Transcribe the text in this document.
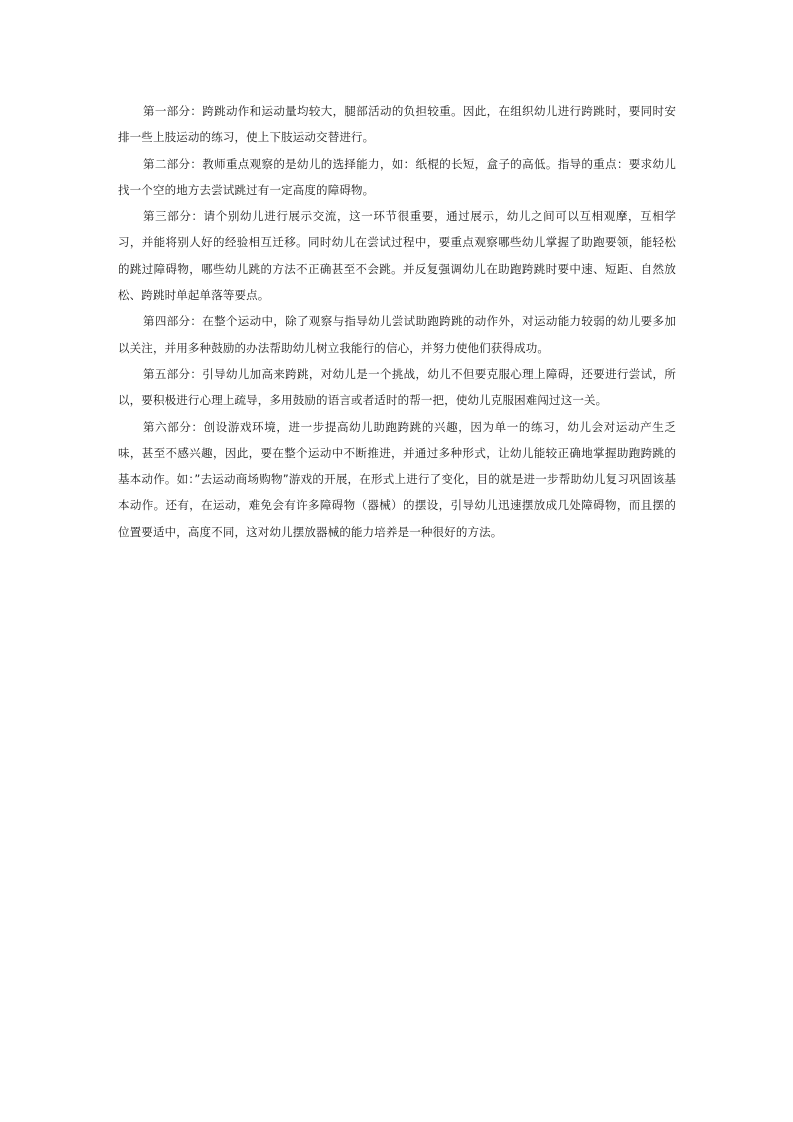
第一部分：跨跳动作和运动量均较大，腿部活动的负担较重。因此，在组织幼儿进行跨跳时，要同时安排一些上肢运动的练习，使上下肢运动交替进行。

第二部分：教师重点观察的是幼儿的选择能力，如：纸棍的长短，盒子的高低。指导的重点：要求幼儿找一个空的地方去尝试跳过有一定高度的障碍物。

第三部分：请个别幼儿进行展示交流，这一环节很重要，通过展示，幼儿之间可以互相观摩，互相学习，并能将别人好的经验相互迁移。同时幼儿在尝试过程中，要重点观察哪些幼儿掌握了助跑要领，能轻松的跳过障碍物，哪些幼儿跳的方法不正确甚至不会跳。并反复强调幼儿在助跑跨跳时要中速、短距、自然放松、跨跳时单起单落等要点。

第四部分：在整个运动中，除了观察与指导幼儿尝试助跑跨跳的动作外，对运动能力较弱的幼儿要多加以关注，并用多种鼓励的办法帮助幼儿树立我能行的信心，并努力使他们获得成功。

第五部分：引导幼儿加高来跨跳，对幼儿是一个挑战，幼儿不但要克服心理上障碍，还要进行尝试，所以，要积极进行心理上疏导，多用鼓励的语言或者适时的帮一把，使幼儿克服困难闯过这一关。

第六部分：创设游戏环境，进一步提高幼儿助跑跨跳的兴趣，因为单一的练习，幼儿会对运动产生乏味，甚至不感兴趣，因此，要在整个运动中不断推进，并通过多种形式，让幼儿能较正确地掌握助跑跨跳的基本动作。如：”去运动商场购物”游戏的开展，在形式上进行了变化，目的就是进一步帮助幼儿复习巩固该基本动作。还有，在运动，难免会有许多障碍物（器械）的摆设，引导幼儿迅速摆放成几处障碍物，而且摆的位置要适中，高度不同，这对幼儿摆放器械的能力培养是一种很好的方法。
